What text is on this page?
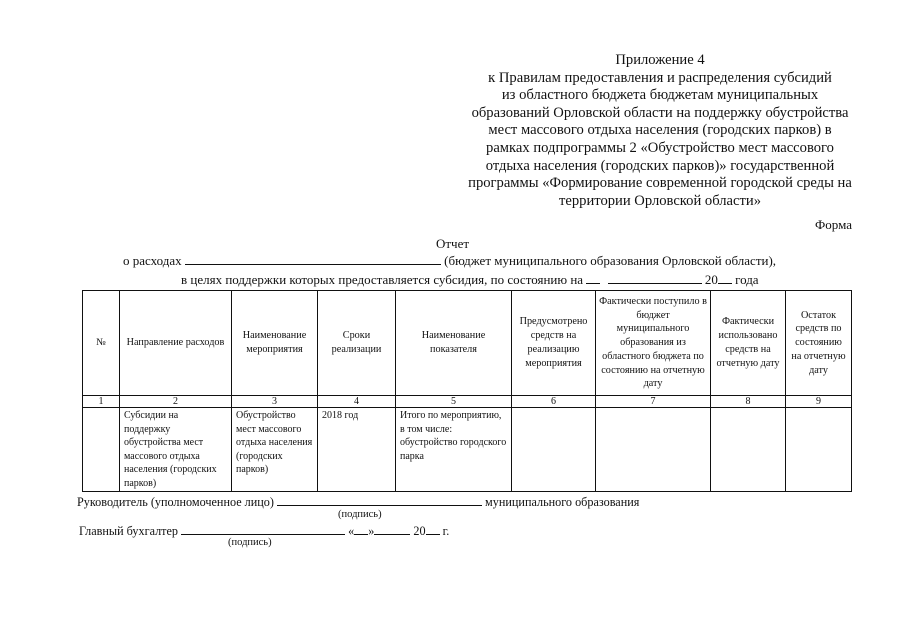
Приложение 4
к Правилам предоставления и распределения субсидий
из областного бюджета бюджетам муниципальных
образований Орловской области на поддержку обустройства
мест массового отдыха населения (городских парков) в
рамках подпрограммы 2 «Обустройство мест массового
отдыха населения (городских парков)» государственной
программы «Формирование современной городской среды на
территории Орловской области»
Форма
Отчет
о расходах	(бюджет муниципального образования Орловской области),
в целях поддержки которых предоставляется субсидия, по состоянию на	20 года
№	Направление расходов	Наименование мероприятия	Сроки реализации	Наименование показателя	Предусмотрено средств на реализацию мероприятия	Фактически поступило в бюджет муниципального образования из областного бюджета по состоянию на отчетную дату	Фактически использовано средств на отчетную дату	Остаток средств по состоянию на отчетную дату
1	2	3	4	5	6	7	8	9
	Субсидии на поддержку обустройства мест массового отдыха населения (городских парков)	Обустройство мест массового отдыха населения (городских парков)	2018 год	Итого по мероприятию, в том числе: обустройство городского парка				
Руководитель (уполномоченное лицо)	муниципального образования
(подпись)
Главный бухгалтер	« »	20 г.
(подпись)
